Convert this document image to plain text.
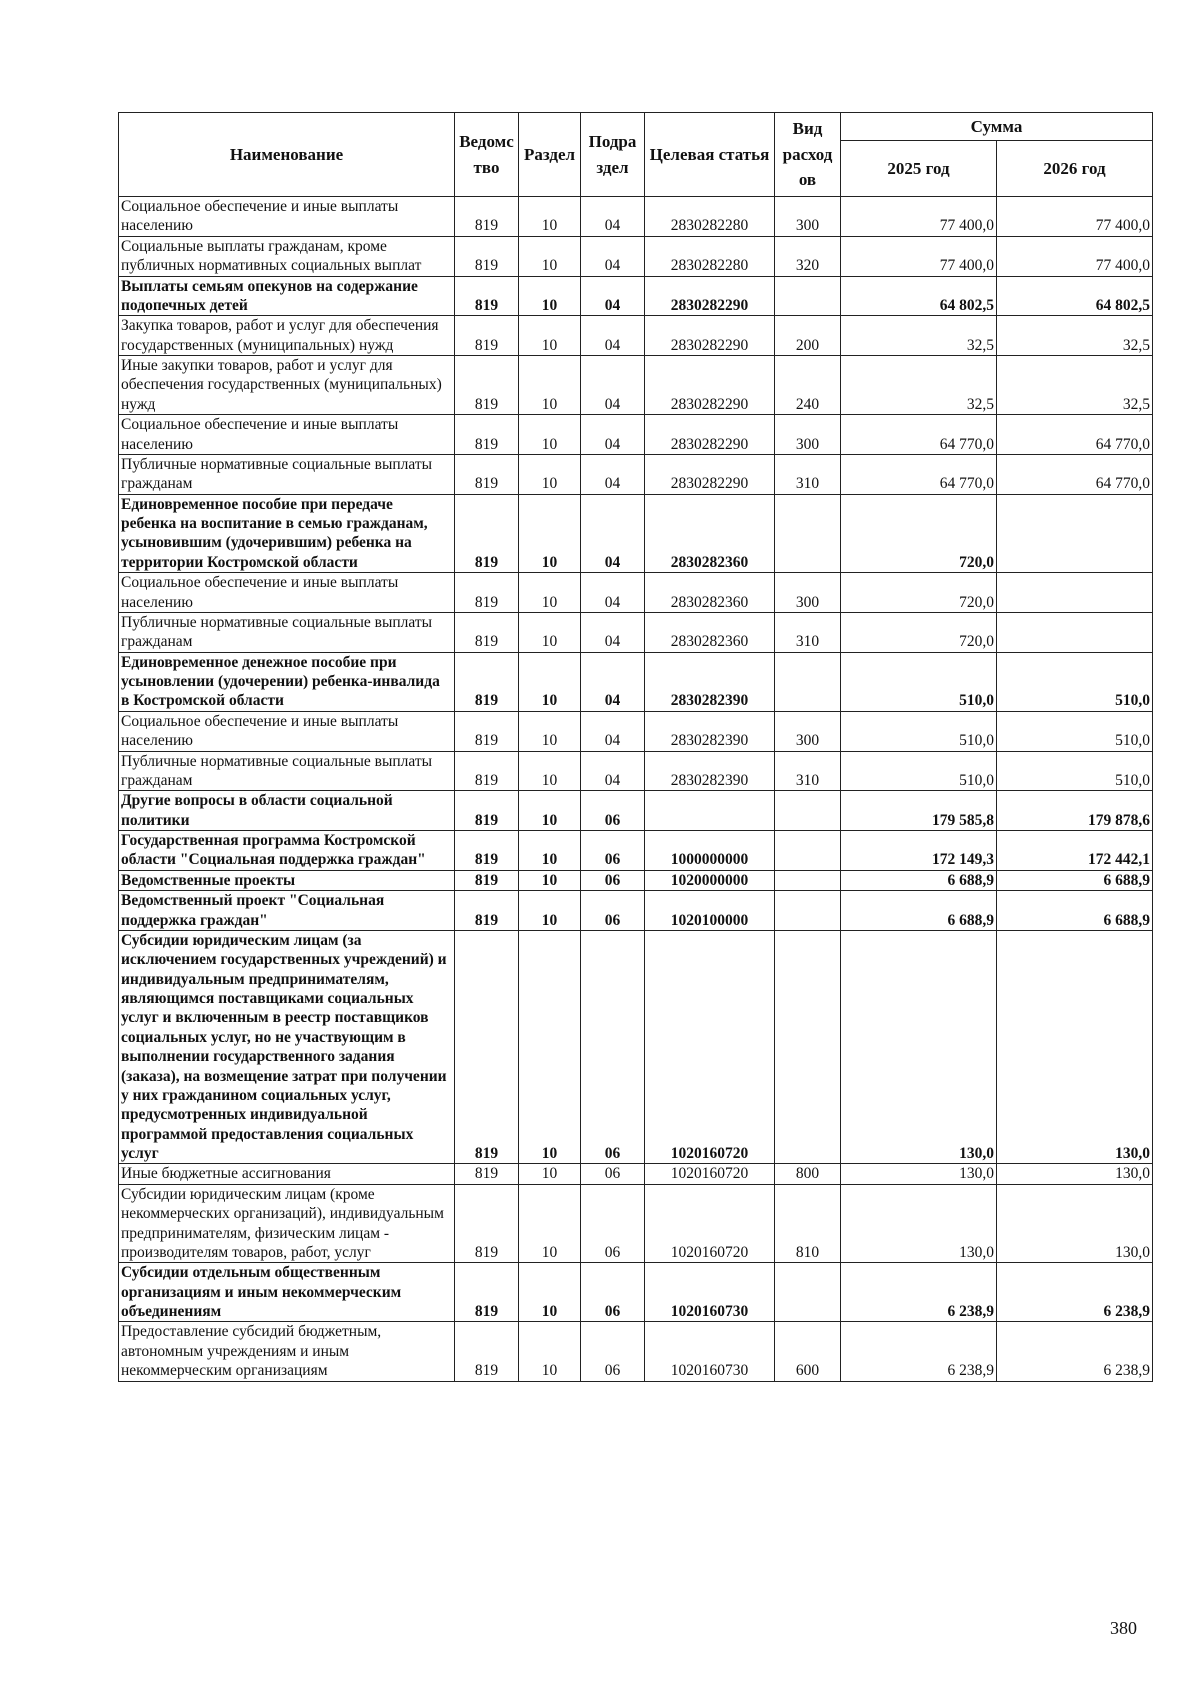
Наименование	Ведомс тво	Раздел	Подра здел	Целевая статья	Вид расход ов	Сумма	
						2025 год	2026 год
Социальное обеспечение и иные выплаты населению	819	10	04	2830282280	300	77 400,0	77 400,0
Социальные выплаты гражданам, кроме публичных нормативных социальных выплат	819	10	04	2830282280	320	77 400,0	77 400,0
Выплаты семьям опекунов на содержание подопечных детей	819	10	04	2830282290		64 802,5	64 802,5
Закупка товаров, работ и услуг для обеспечения государственных (муниципальных) нужд	819	10	04	2830282290	200	32,5	32,5
Иные закупки товаров, работ и услуг для обеспечения государственных (муниципальных) нужд	819	10	04	2830282290	240	32,5	32,5
Социальное обеспечение и иные выплаты населению	819	10	04	2830282290	300	64 770,0	64 770,0
Публичные нормативные социальные выплаты гражданам	819	10	04	2830282290	310	64 770,0	64 770,0
Единовременное пособие при передаче ребенка на воспитание в семью гражданам, усыновившим (удочерившим) ребенка на территории Костромской области	819	10	04	2830282360		720,0	
Социальное обеспечение и иные выплаты населению	819	10	04	2830282360	300	720,0	
Публичные нормативные социальные выплаты гражданам	819	10	04	2830282360	310	720,0	
Единовременное денежное пособие при усыновлении (удочерении) ребенка-инвалида в Костромской области	819	10	04	2830282390		510,0	510,0
Социальное обеспечение и иные выплаты населению	819	10	04	2830282390	300	510,0	510,0
Публичные нормативные социальные выплаты гражданам	819	10	04	2830282390	310	510,0	510,0
Другие вопросы в области социальной политики	819	10	06			179 585,8	179 878,6
Государственная программа Костромской области "Социальная поддержка граждан"	819	10	06	1000000000		172 149,3	172 442,1
Ведомственные проекты	819	10	06	1020000000		6 688,9	6 688,9
Ведомственный проект "Социальная поддержка граждан"	819	10	06	1020100000		6 688,9	6 688,9
Субсидии юридическим лицам (за исключением государственных учреждений) и индивидуальным предпринимателям, являющимся поставщиками социальных услуг и включенным в реестр поставщиков социальных услуг, но не участвующим в выполнении государственного задания (заказа), на возмещение затрат при получении у них гражданином социальных услуг, предусмотренных индивидуальной программой предоставления социальных услуг	819	10	06	1020160720		130,0	130,0
Иные бюджетные ассигнования	819	10	06	1020160720	800	130,0	130,0
Субсидии юридическим лицам (кроме некоммерческих организаций), индивидуальным предпринимателям, физическим лицам - производителям товаров, работ, услуг	819	10	06	1020160720	810	130,0	130,0
Субсидии отдельным общественным организациям и иным некоммерческим объединениям	819	10	06	1020160730		6 238,9	6 238,9
Предоставление субсидий бюджетным, автономным учреждениям и иным некоммерческим организациям	819	10	06	1020160730	600	6 238,9	6 238,9
380
